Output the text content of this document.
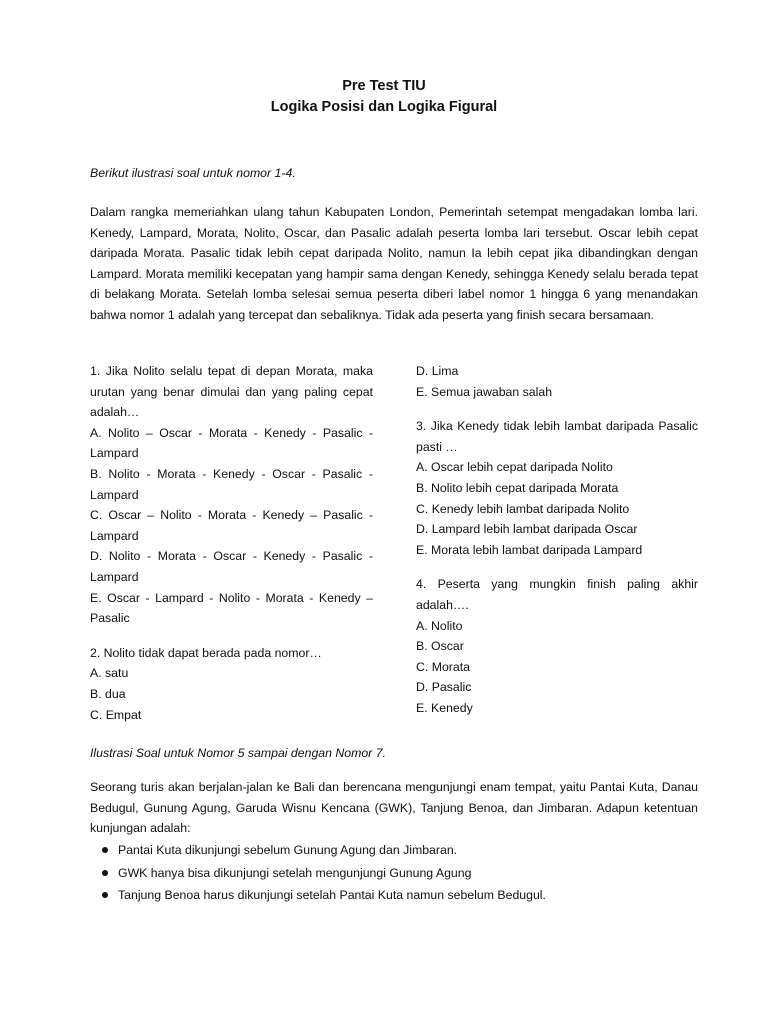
Pre Test TIU
Logika Posisi dan Logika Figural
Berikut ilustrasi soal untuk nomor 1-4.
Dalam rangka memeriahkan ulang tahun Kabupaten London, Pemerintah setempat mengadakan lomba lari. Kenedy, Lampard, Morata, Nolito, Oscar, dan Pasalic adalah peserta lomba lari tersebut. Oscar lebih cepat daripada Morata. Pasalic tidak lebih cepat daripada Nolito, namun Ia lebih cepat jika dibandingkan dengan Lampard. Morata memiliki kecepatan yang hampir sama dengan Kenedy, sehingga Kenedy selalu berada tepat di belakang Morata. Setelah lomba selesai semua peserta diberi label nomor 1 hingga 6 yang menandakan bahwa nomor 1 adalah yang tercepat dan sebaliknya. Tidak ada peserta yang finish secara bersamaan.
1. Jika Nolito selalu tepat di depan Morata, maka urutan yang benar dimulai dan yang paling cepat adalah…
A. Nolito – Oscar - Morata - Kenedy - Pasalic - Lampard
B. Nolito - Morata - Kenedy - Oscar - Pasalic - Lampard
C. Oscar – Nolito - Morata - Kenedy – Pasalic - Lampard
D. Nolito - Morata - Oscar - Kenedy - Pasalic - Lampard
E. Oscar - Lampard - Nolito - Morata - Kenedy – Pasalic
2. Nolito tidak dapat berada pada nomor…
A. satu
B. dua
C. Empat
D. Lima
E. Semua jawaban salah
3. Jika Kenedy tidak lebih lambat daripada Pasalic pasti …
A. Oscar lebih cepat daripada Nolito
B. Nolito lebih cepat daripada Morata
C. Kenedy lebih lambat daripada Nolito
D. Lampard lebih lambat daripada Oscar
E. Morata lebih lambat daripada Lampard
4. Peserta yang mungkin finish paling akhir adalah….
A. Nolito
B. Oscar
C. Morata
D. Pasalic
E. Kenedy
Ilustrasi Soal untuk Nomor 5 sampai dengan Nomor 7.
Seorang turis akan berjalan-jalan ke Bali dan berencana mengunjungi enam tempat, yaitu Pantai Kuta, Danau Bedugul, Gunung Agung, Garuda Wisnu Kencana (GWK), Tanjung Benoa, dan Jimbaran. Adapun ketentuan kunjungan adalah:
Pantai Kuta dikunjungi sebelum Gunung Agung dan Jimbaran.
GWK hanya bisa dikunjungi setelah mengunjungi Gunung Agung
Tanjung Benoa harus dikunjungi setelah Pantai Kuta namun sebelum Bedugul.
